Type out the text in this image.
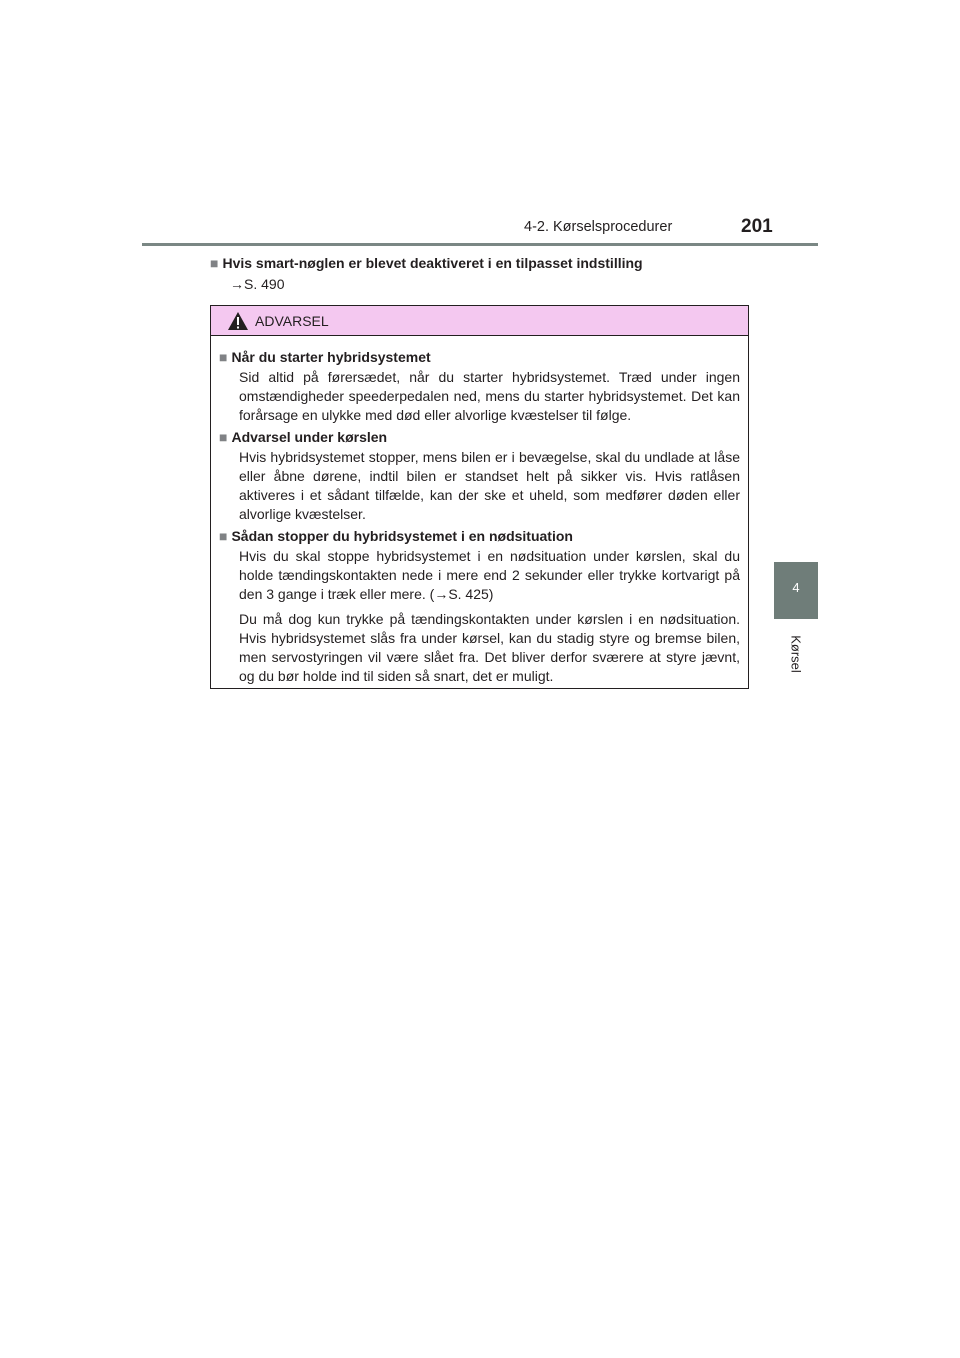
4-2. Kørselsprocedurer	201
4
Kørsel
■ Hvis smart-nøglen er blevet deaktiveret i en tilpasset indstilling
→S. 490
ADVARSEL
■ Når du starter hybridsystemet

Sid altid på førersædet, når du starter hybridsystemet. Træd under ingen omstændigheder speederpedalen ned, mens du starter hybridsystemet. Det kan forårsage en ulykke med død eller alvorlige kvæstelser til følge.

■ Advarsel under kørslen

Hvis hybridsystemet stopper, mens bilen er i bevægelse, skal du undlade at låse eller åbne dørene, indtil bilen er standset helt på sikker vis. Hvis ratlåsen aktiveres i et sådant tilfælde, kan der ske et uheld, som medfører døden eller alvorlige kvæstelser.

■ Sådan stopper du hybridsystemet i en nødsituation

Hvis du skal stoppe hybridsystemet i en nødsituation under kørslen, skal du holde tændingskontakten nede i mere end 2 sekunder eller trykke kortvarigt på den 3 gange i træk eller mere. (→S. 425)

Du må dog kun trykke på tændingskontakten under kørslen i en nødsituation. Hvis hybridsystemet slås fra under kørsel, kan du stadig styre og bremse bilen, men servostyringen vil være slået fra. Det bliver derfor sværere at styre jævnt, og du bør holde ind til siden så snart, det er muligt.
